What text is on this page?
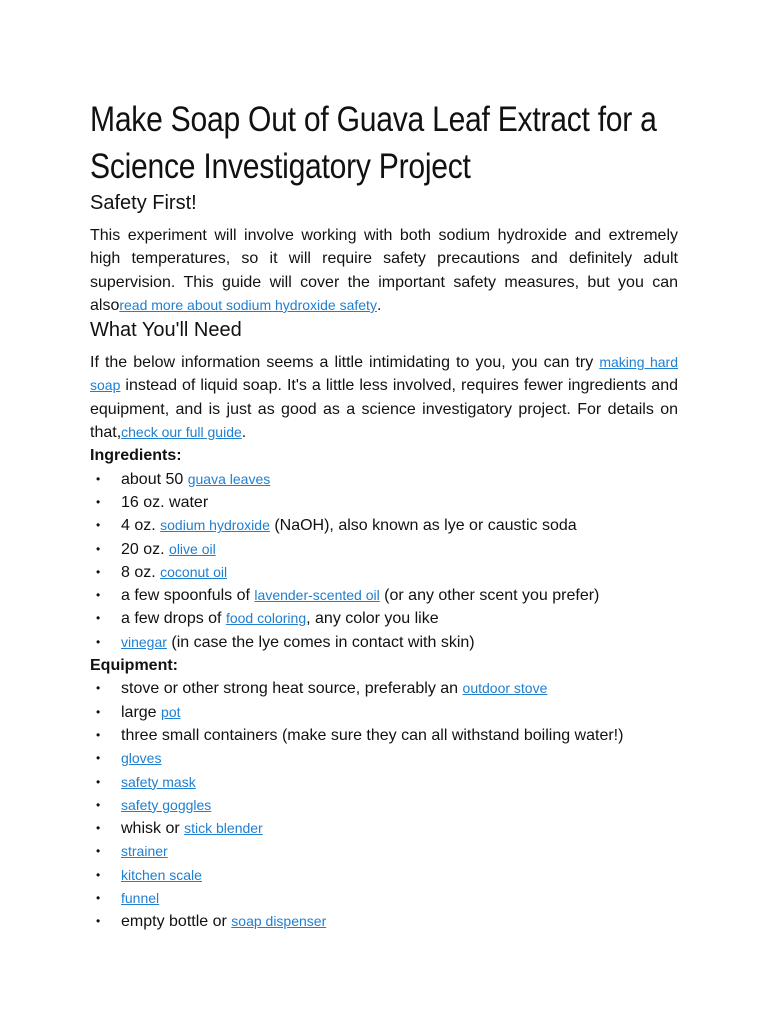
Make Soap Out of Guava Leaf Extract for a Science Investigatory Project
Safety First!

This experiment will involve working with both sodium hydroxide and extremely high temperatures, so it will require safety precautions and definitely adult supervision. This guide will cover the important safety measures, but you can alsoread more about sodium hydroxide safety.

What You'll Need

If the below information seems a little intimidating to you, you can try making hard soap instead of liquid soap. It's a little less involved, requires fewer ingredients and equipment, and is just as good as a science investigatory project. For details on that,check our full guide.

Ingredients:
• about 50 guava leaves
• 16 oz. water
• 4 oz. sodium hydroxide (NaOH), also known as lye or caustic soda
• 20 oz. olive oil
• 8 oz. coconut oil
• a few spoonfuls of lavender-scented oil (or any other scent you prefer)
• a few drops of food coloring, any color you like
• vinegar (in case the lye comes in contact with skin)
Equipment:
• stove or other strong heat source, preferably an outdoor stove
• large pot
• three small containers (make sure they can all withstand boiling water!)
• gloves
• safety mask
• safety goggles
• whisk or stick blender
• strainer
• kitchen scale
• funnel
• empty bottle or soap dispenser
